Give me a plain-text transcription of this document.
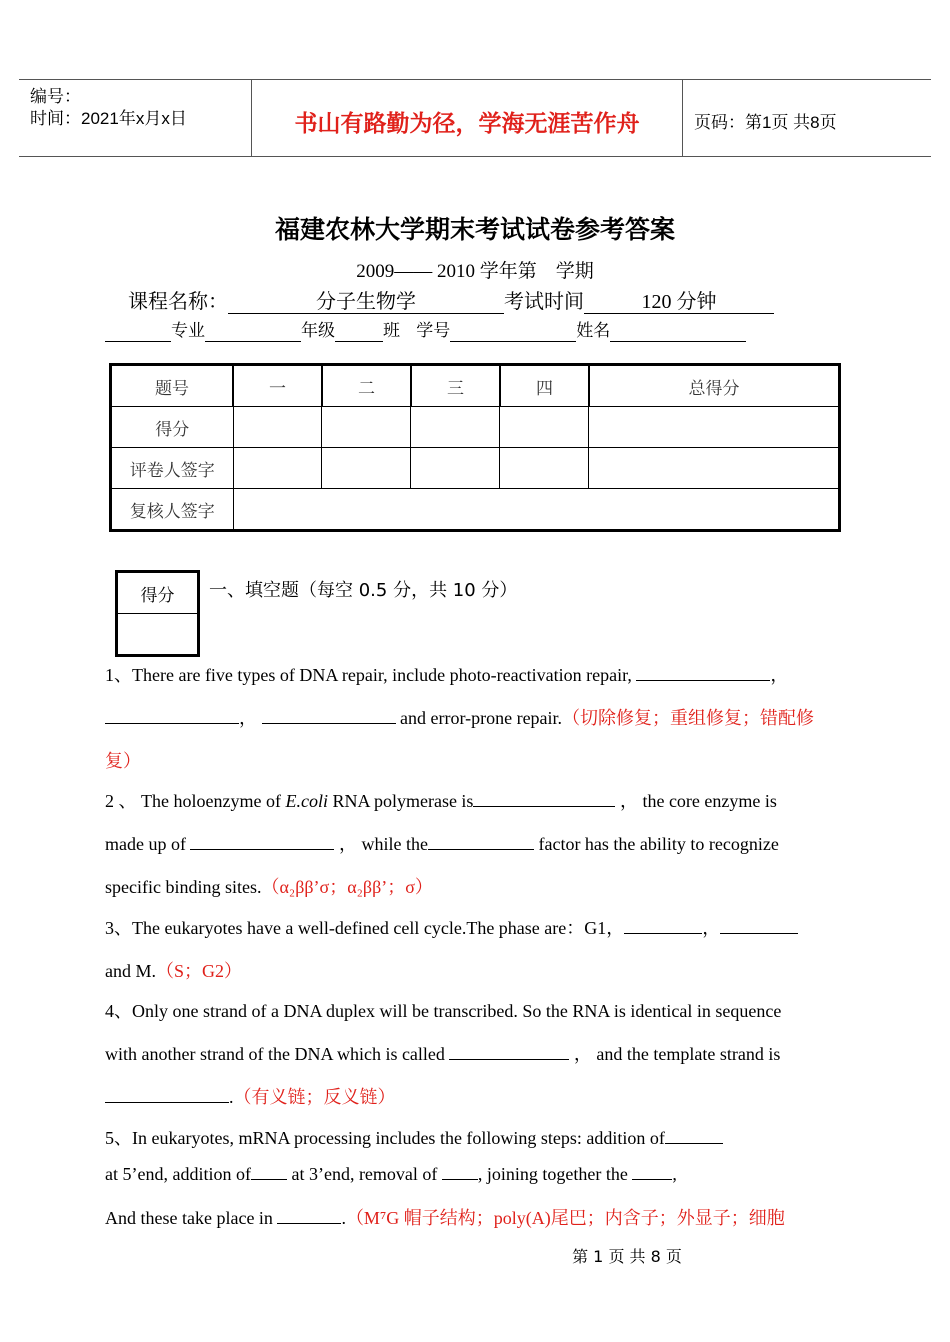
编号：
时间：2021年x月x日	书山有路勤为径，学海无涯苦作舟	页码：第1页 共8页
福建农林大学期末考试试卷参考答案
2009—— 2010 学年第    学期
课程名称：	分子生物学	考试时间	120 分钟
专业	年级	班 学号	姓名
题号	一	二	三	四	总得分
得分					
评卷人签字					
复核人签字					
得分 一、填空题（每空 0.5 分，共 10 分）
1、There are five types of DNA repair, include photo-reactivation repair,	，
，	and error-prone repair.（切除修复；重组修复；错配修
复）
2 、 The holoenzyme of E.coli RNA polymerase is	， the core enzyme is
made up of	， while the	factor has the ability to recognize
specific binding sites.（α₂ββ’σ；α₂ββ’；σ）
3、The eukaryotes have a well-defined cell cycle.The phase are：G1，	，
and M.（S；G2）
4、Only one strand of a DNA duplex will be transcribed. So the RNA is identical in sequence
with another strand of the DNA which is called	， and the template strand is
.（有义链；反义链）
5、In eukaryotes, mRNA processing includes the following steps: addition of
at 5’end, addition of at 3’end, removal of , joining together the ,
And these take place in	.（M⁷G 帽子结构；poly(A)尾巴；内含子；外显子；细胞
第 1 页 共 8 页
